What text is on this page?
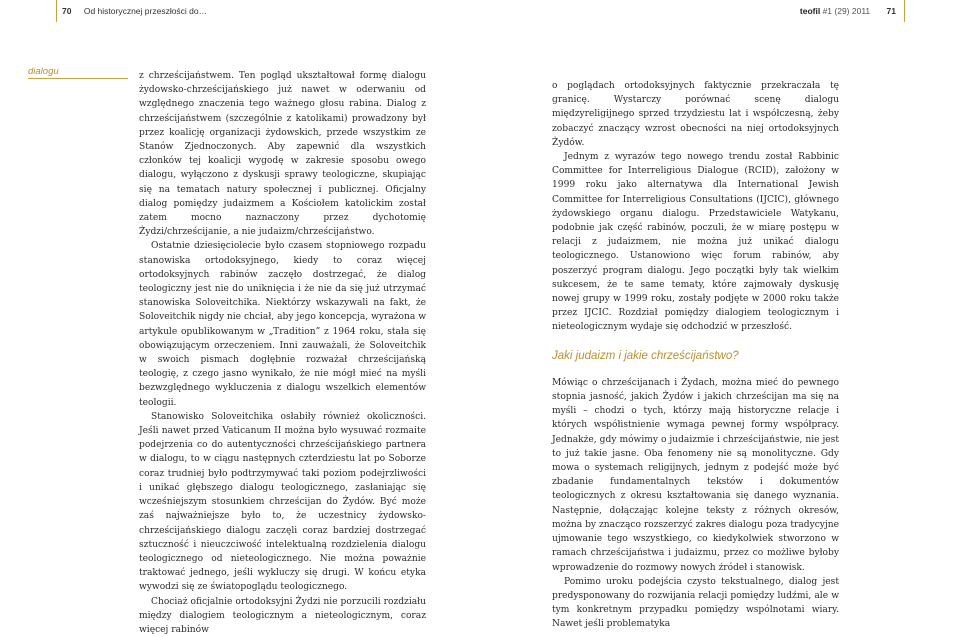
70 Od historycznej przeszłości do…	teofil #1 (29) 2011 71
dialogu	z chrześcijaństwem. Ten pogląd ukształtował formę dialogu żydowsko-chrześcijańskiego już nawet w oderwaniu od względnego znaczenia tego ważnego głosu rabina. Dialog z chrześcijaństwem (szczególnie z katolikami) prowadzony był przez koalicję organizacji żydowskich, przede wszystkim ze Stanów Zjednoczonych. Aby zapewnić dla wszystkich członków tej koalicji wygodę w zakresie sposobu owego dialogu, wyłączono z dyskusji sprawy teologiczne, skupiając się na tematach natury społecznej i publicznej. Oficjalny dialog pomiędzy judaizmem a Kościołem katolickim został zatem mocno naznaczony przez dychotomię Żydzi/chrześcijanie, a nie judaizm/chrześcijaństwo.

Ostatnie dziesięciolecie było czasem stopniowego rozpadu stanowiska ortodoksyjnego, kiedy to coraz więcej ortodoksyjnych rabinów zaczęło dostrzegać, że dialog teologiczny jest nie do uniknięcia i że nie da się już utrzymać stanowiska Soloveitchika. Niektórzy wskazywali na fakt, że Soloveitchik nigdy nie chciał, aby jego koncepcja, wyrażona w artykule opublikowanym w „Tradition” z 1964 roku, stała się obowiązującym orzeczeniem. Inni zauważali, że Soloveitchik w swoich pismach dogłębnie rozważał chrześcijańską teologię, z czego jasno wynikało, że nie mógł mieć na myśli bezwzględnego wykluczenia z dialogu wszelkich elementów teologii.

Stanowisko Soloveitchika osłabiły również okoliczności. Jeśli nawet przed Vaticanum II można było wysuwać rozmaite podejrzenia co do autentyczności chrześcijańskiego partnera w dialogu, to w ciągu następnych czterdziestu lat po Soborze coraz trudniej było podtrzymywać taki poziom podejrzliwości i unikać głębszego dialogu teologicznego, zasłaniając się wcześniejszym stosunkiem chrześcijan do Żydów. Być może zaś najważniejsze było to, że uczestnicy żydowsko-chrześcijańskiego dialogu zaczęli coraz bardziej dostrzegać sztuczność i nieuczciwość intelektualną rozdzielenia dialogu teologicznego od nieteologicznego. Nie można poważnie traktować jednego, jeśli wykluczy się drugi. W końcu etyka wywodzi się ze światopoglądu teologicznego.

Chociaż oficjalnie ortodoksyjni Żydzi nie porzucili rozdziału między dialogiem teologicznym a nieteologicznym, coraz więcej rabinów

o poglądach ortodoksyjnych faktycznie przekraczała tę granicę. Wystarczy porównać scenę dialogu międzyreligijnego sprzed trzydziestu lat i współczesną, żeby zobaczyć znaczący wzrost obecności na niej ortodoksyjnych Żydów.

Jednym z wyrazów tego nowego trendu został Rabbinic Committee for Interreligious Dialogue (RCID), założony w 1999 roku jako alternatywa dla International Jewish Committee for Interreligious Consultations (IJCIC), głównego żydowskiego organu dialogu. Przedstawiciele Watykanu, podobnie jak część rabinów, poczuli, że w miarę postępu w relacji z judaizmem, nie można już unikać dialogu teologicznego. Ustanowiono więc forum rabinów, aby poszerzyć program dialogu. Jego początki były tak wielkim sukcesem, że te same tematy, które zajmowały dyskusję nowej grupy w 1999 roku, zostały podjęte w 2000 roku także przez IJCIC. Rozdział pomiędzy dialogiem teologicznym i nieteologicznym wydaje się odchodzić w przeszłość.

Jaki judaizm i jakie chrześcijaństwo?

Mówiąc o chrześcijanach i Żydach, można mieć do pewnego stopnia jasność, jakich Żydów i jakich chrześcijan ma się na myśli – chodzi o tych, którzy mają historyczne relacje i których współistnienie wymaga pewnej formy współpracy. Jednakże, gdy mówimy o judaizmie i chrześcijaństwie, nie jest to już takie jasne. Oba fenomeny nie są monolityczne. Gdy mowa o systemach religijnych, jednym z podejść może być zbadanie fundamentalnych tekstów i dokumentów teologicznych z okresu kształtowania się danego wyznania. Następnie, dołączając kolejne teksty z różnych okresów, można by znacząco rozszerzyć zakres dialogu poza tradycyjne ujmowanie tego wszystkiego, co kiedykolwiek stworzono w ramach chrześcijaństwa i judaizmu, przez co możliwe byłoby wprowadzenie do rozmowy nowych źródeł i stanowisk.

Pomimo uroku podejścia czysto tekstualnego, dialog jest predysponowany do rozwijania relacji pomiędzy ludźmi, ale w tym konkretnym przypadku pomiędzy wspólnotami wiary. Nawet jeśli problematyka
